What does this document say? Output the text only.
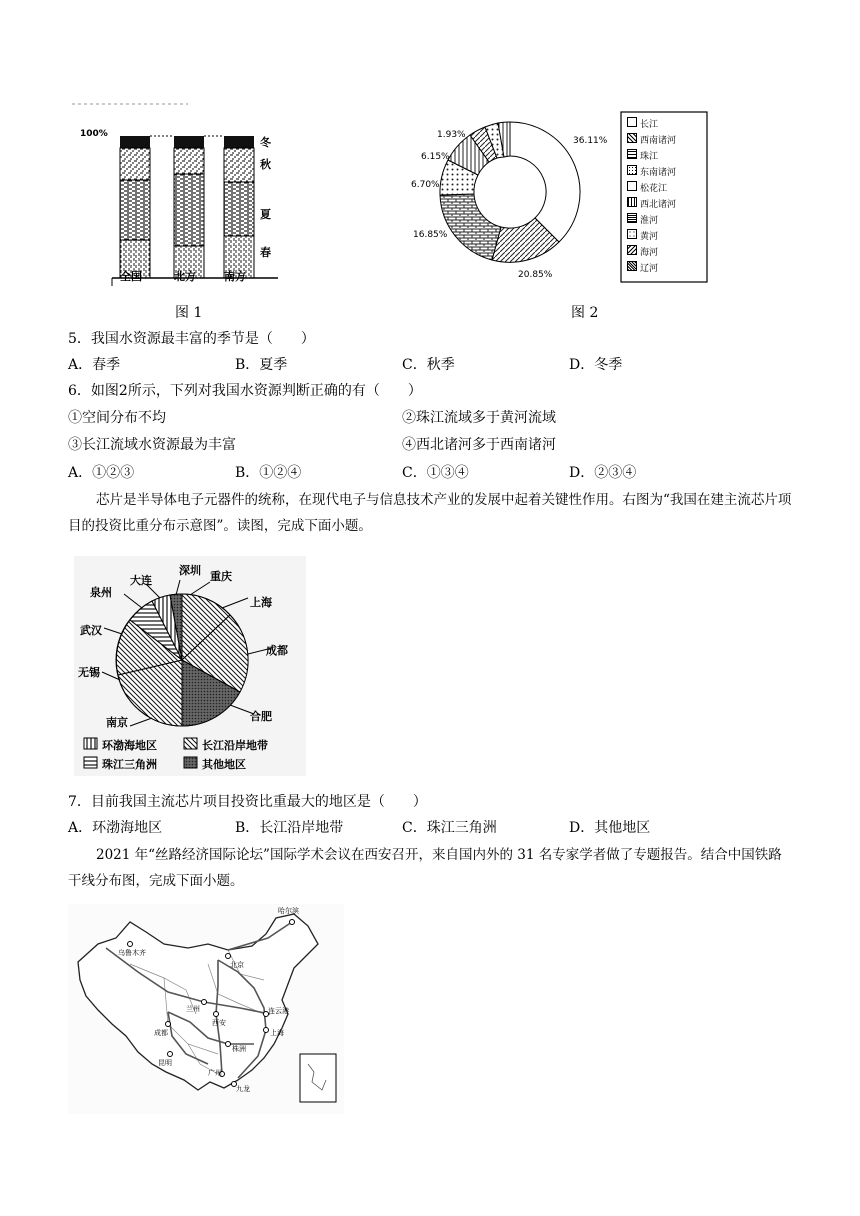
100%
冬
秋
夏
春
全国	北方	南方
图 1
1.93%
6.15%
6.70%
16.85%
20.85%
36.11%
长江
西南诸河
珠江
东南诸河
松花江
西北诸河
淮河
黄河
海河
辽河
图 2
5．我国水资源最丰富的季节是（　　）
A．春季	B．夏季	C．秋季	D．冬季
6．如图2所示，下列对我国水资源判断正确的有（　　）
①空间分布不均	②珠江流域多于黄河流域
③长江流域水资源最为丰富	④西北诸河多于西南诸河
A．①②③	B．①②④	C．①③④	D．②③④
芯片是半导体电子元器件的统称，在现代电子与信息技术产业的发展中起着关键性作用。右图为“我国在建主流芯片项目的投资比重分布示意图”。读图，完成下面小题。
深圳 重庆
大连
泉州
上海
武汉
成都
无锡
南京	合肥
环渤海地区	长江沿岸地带
珠江三角洲	其他地区
7．目前我国主流芯片项目投资比重最大的地区是（　　）
A．环渤海地区	B．长江沿岸地带	C．珠江三角洲	D．其他地区
2021 年“丝路经济国际论坛”国际学术会议在西安召开，来自国内外的 31 名专家学者做了专题报告。结合中国铁路干线分布图，完成下面小题。
哈尔滨
乌鲁木齐
北京
兰州
西安
连云港
上海
成都
昆明
株洲
广州
九龙
